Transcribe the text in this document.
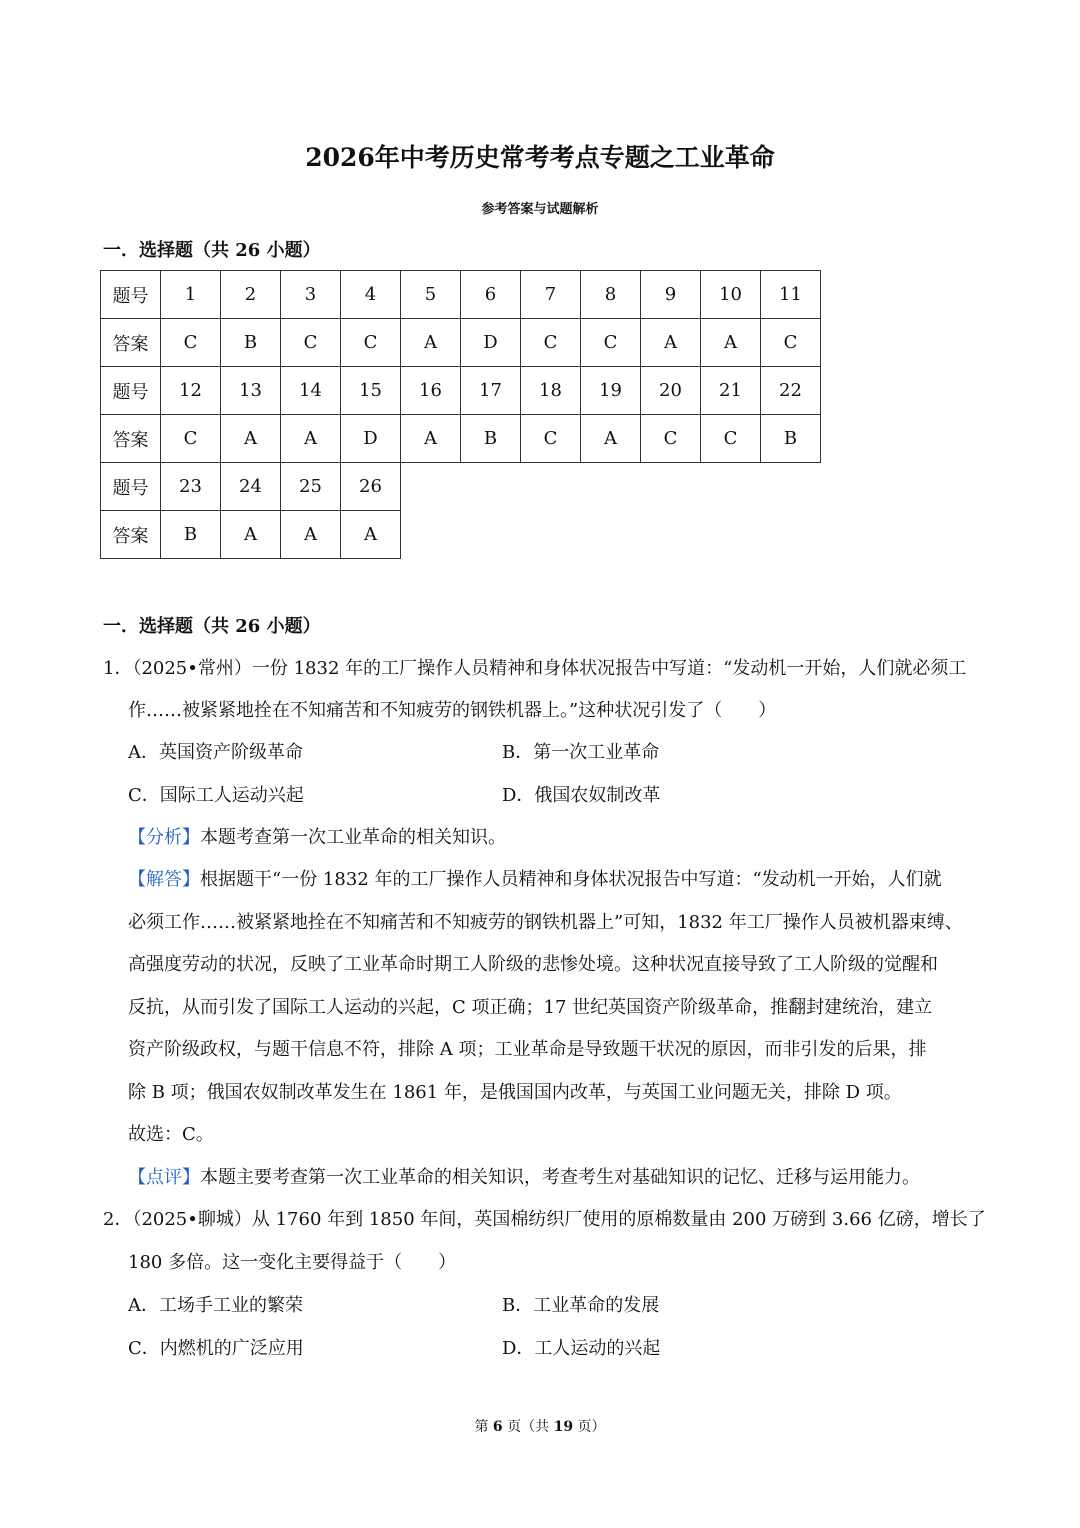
2026年中考历史常考考点专题之工业革命
参考答案与试题解析
一．选择题（共 26 小题）
题号	1	2	3	4	5	6	7	8	9	10	11
答案	C	B	C	C	A	D	C	C	A	A	C
题号	12	13	14	15	16	17	18	19	20	21	22
答案	C	A	A	D	A	B	C	A	C	C	B
题号	23	24	25	26							
答案	B	A	A	A							
一．选择题（共 26 小题）
1．（2025•常州）一份 1832 年的工厂操作人员精神和身体状况报告中写道：“发动机一开始，人们就必须工
作……被紧紧地拴在不知痛苦和不知疲劳的钢铁机器上。”这种状况引发了（　　）
A．英国资产阶级革命	B．第一次工业革命
C．国际工人运动兴起	D．俄国农奴制改革
【分析】本题考查第一次工业革命的相关知识。
【解答】根据题干“一份 1832 年的工厂操作人员精神和身体状况报告中写道：“发动机一开始，人们就
必须工作……被紧紧地拴在不知痛苦和不知疲劳的钢铁机器上”可知，1832 年工厂操作人员被机器束缚、
高强度劳动的状况，反映了工业革命时期工人阶级的悲惨处境。这种状况直接导致了工人阶级的觉醒和
反抗，从而引发了国际工人运动的兴起，C 项正确；17 世纪英国资产阶级革命，推翻封建统治，建立
资产阶级政权，与题干信息不符，排除 A 项；工业革命是导致题干状况的原因，而非引发的后果，排
除 B 项；俄国农奴制改革发生在 1861 年，是俄国国内改革，与英国工业问题无关，排除 D 项。
故选：C。
【点评】本题主要考查第一次工业革命的相关知识，考查考生对基础知识的记忆、迁移与运用能力。
2．（2025•聊城）从 1760 年到 1850 年间，英国棉纺织厂使用的原棉数量由 200 万磅到 3.66 亿磅，增长了
180 多倍。这一变化主要得益于（　　）
A．工场手工业的繁荣	B．工业革命的发展
C．内燃机的广泛应用	D．工人运动的兴起
第 6 页（共 19 页）
